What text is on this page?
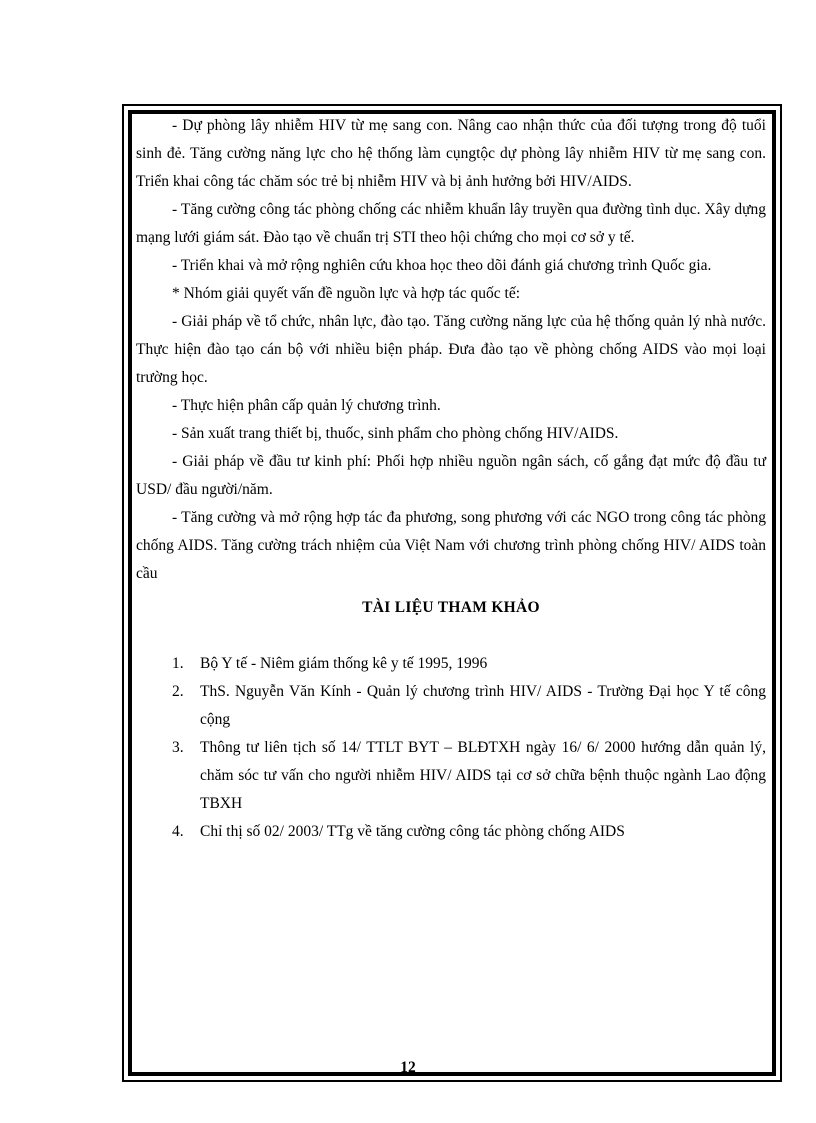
- Dự phòng lây nhiễm HIV từ mẹ sang con. Nâng cao nhận thức của đối tượng trong độ tuổi sinh đẻ. Tăng cường năng lực cho hệ thống làm cụngtộc dự phòng lây nhiễm HIV từ mẹ sang con. Triển khai công tác chăm sóc trẻ bị nhiễm HIV và bị ảnh hưởng bởi HIV/AIDS.

- Tăng cường công tác phòng chống các nhiễm khuẩn lây truyền qua đường tình dục. Xây dựng mạng lưới giám sát. Đào tạo về chuẩn trị STI theo hội chứng cho mọi cơ sở y tế.

- Triển khai và mở rộng nghiên cứu khoa học theo dõi đánh giá chương trình Quốc gia.

* Nhóm giải quyết vấn đề nguồn lực và hợp tác quốc tế:

- Giải pháp về tổ chức, nhân lực, đào tạo. Tăng cường năng lực của hệ thống quản lý nhà nước. Thực hiện đào tạo cán bộ với nhiều biện pháp. Đưa đào tạo về phòng chống AIDS vào mọi loại trường học.

- Thực hiện phân cấp quản lý chương trình.

- Sản xuất trang thiết bị, thuốc, sinh phẩm cho phòng chống HIV/AIDS.

- Giải pháp về đầu tư kinh phí: Phối hợp nhiều nguồn ngân sách, cố gắng đạt mức độ đầu tư USD/ đầu người/năm.

- Tăng cường và mở rộng hợp tác đa phương, song phương với các NGO trong công tác phòng chống AIDS. Tăng cường trách nhiệm của Việt Nam với chương trình phòng chống HIV/ AIDS toàn cầu

TÀI LIỆU THAM KHẢO
1. Bộ Y tế - Niêm giám thống kê y tế 1995, 1996
2. ThS. Nguyễn Văn Kính - Quản lý chương trình HIV/ AIDS - Trường Đại học Y tế công cộng
3. Thông tư liên tịch số 14/ TTLT BYT – BLĐTXH ngày 16/ 6/ 2000 hướng dẫn quản lý, chăm sóc tư vấn cho người nhiễm HIV/ AIDS tại cơ sở chữa bệnh thuộc ngành Lao động TBXH
4. Chỉ thị số 02/ 2003/ TTg về tăng cường công tác phòng chống AIDS
12
